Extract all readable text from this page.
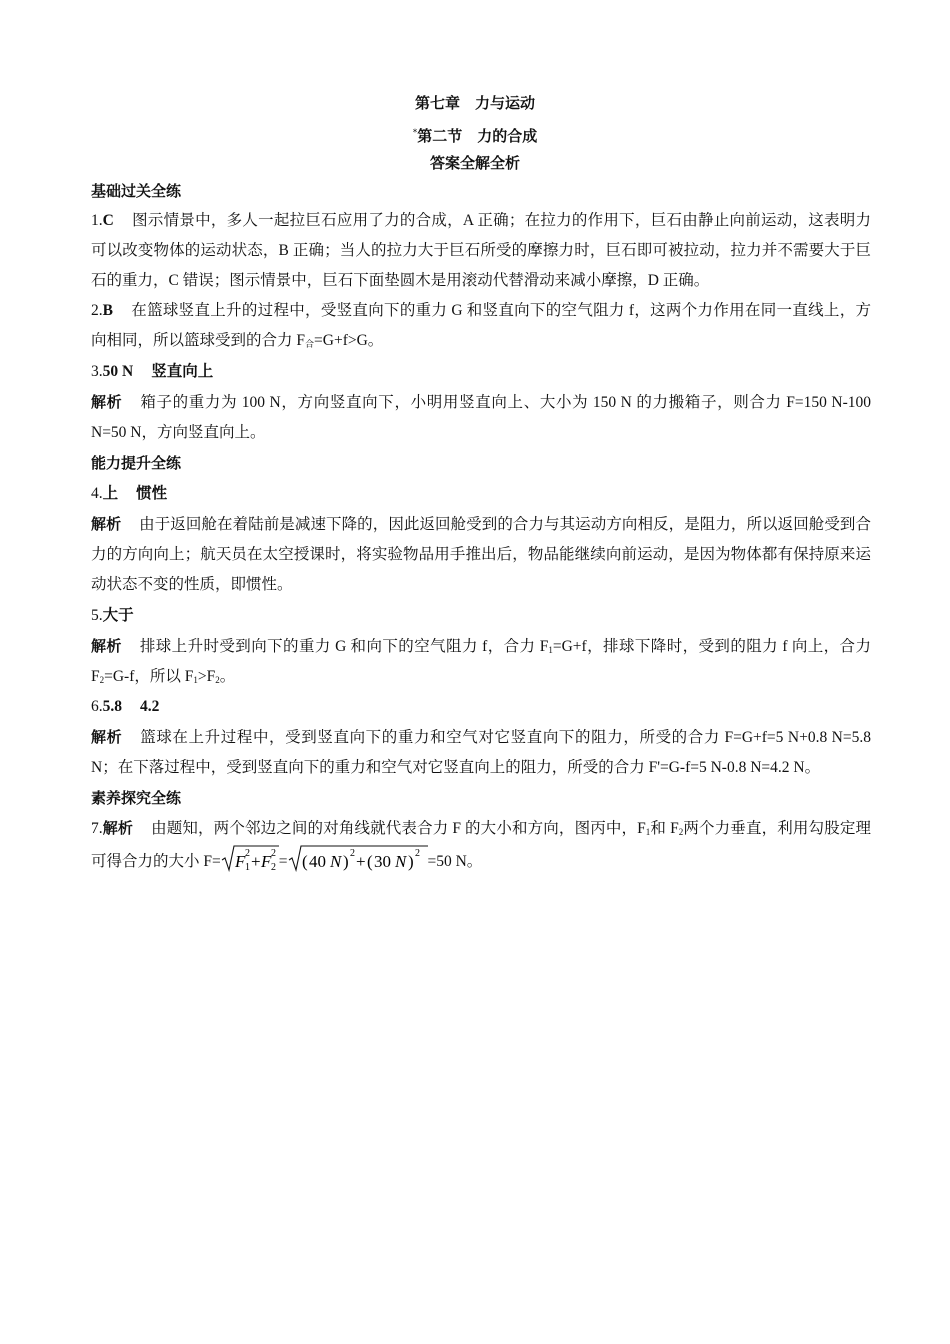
第七章　力与运动
*第二节　力的合成
答案全解全析
基础过关全练

1.C 图示情景中，多人一起拉巨石应用了力的合成，A 正确；在拉力的作用下，巨石由静止向前运动，这表明力可以改变物体的运动状态，B 正确；当人的拉力大于巨石所受的摩擦力时，巨石即可被拉动，拉力并不需要大于巨石的重力，C 错误；图示情景中，巨石下面垫圆木是用滚动代替滑动来减小摩擦，D 正确。

2.B 在篮球竖直上升的过程中，受竖直向下的重力 G 和竖直向下的空气阻力 f，这两个力作用在同一直线上，方向相同，所以篮球受到的合力 $F_合=G+f>G$。

3.50 N 竖直向上

解析 箱子的重力为 100 N，方向竖直向下，小明用竖直向上、大小为 150 N 的力搬箱子，则合力 F=150 N-100 N=50 N，方向竖直向上。

能力提升全练

4.上 惯性

解析 由于返回舱在着陆前是减速下降的，因此返回舱受到的合力与其运动方向相反，是阻力，所以返回舱受到合力的方向向上；航天员在太空授课时，将实验物品用手推出后，物品能继续向前运动，是因为物体都有保持原来运动状态不变的性质，即惯性。

5.大于

解析 排球上升时受到向下的重力 G 和向下的空气阻力 f，合力 $F_1=G+f$，排球下降时，受到的阻力 f 向上，合力 $F_2=G-f$，所以 $F_1>F_2$。

6.5.8 4.2

解析 篮球在上升过程中，受到竖直向下的重力和空气对它竖直向下的阻力，所受的合力 F=G+f=5 N+0.8 N=5.8 N；在下落过程中，受到竖直向下的重力和空气对它竖直向上的阻力，所受的合力 F'=G-f=5 N-0.8 N=4.2 N。

素养探究全练

7.解析 由题知，两个邻边之间的对角线就代表合力 F 的大小和方向，图丙中，$F_1$和 $F_2$两个力垂直，利用勾股定理可得合力的大小 F= F 2
1 + F 2
2 = ( 40 N ) 2 + ( 30 N ) 2 =50 N。
